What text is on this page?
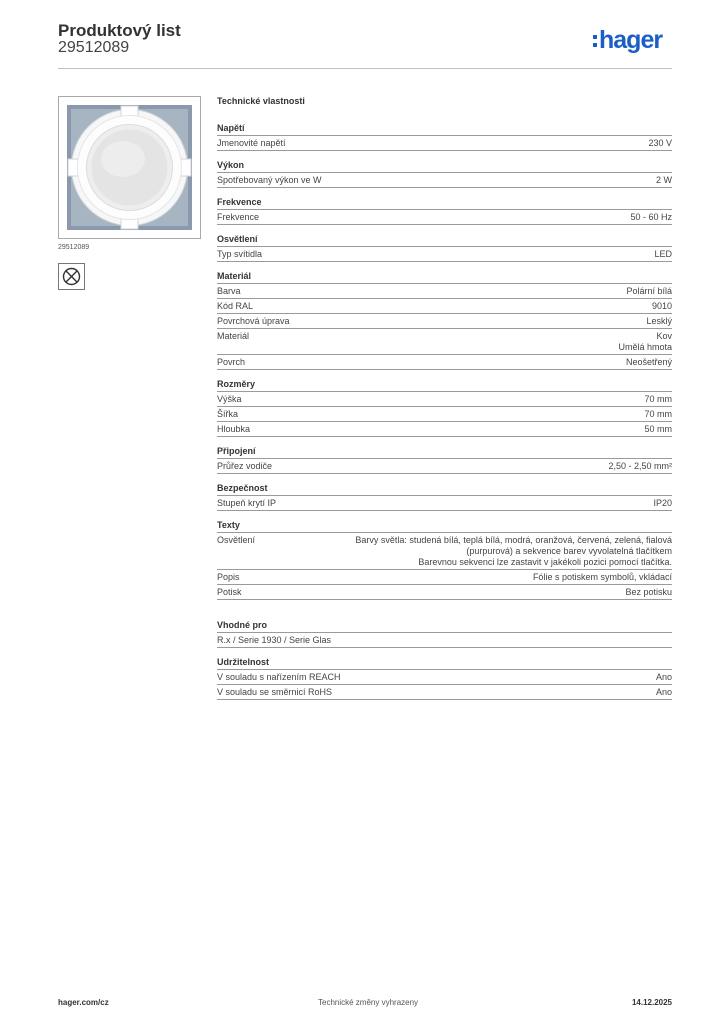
Produktový list
29512089	hager
29512089
Technické vlastnosti
Napětí
Jmenovité napětí	230 V
Výkon
Spotřebovaný výkon ve W	2 W
Frekvence
Frekvence	50 - 60 Hz
Osvětlení
Typ svítidla	LED
Materiál
Barva	Polární bílá
Kód RAL	9010
Povrchová úprava	Lesklý
Materiál	Kov
Umělá hmota
Povrch	Neošetřený
Rozměry
Výška	70 mm
Šířka	70 mm
Hloubka	50 mm
Připojení
Průřez vodiče	2,50 - 2,50 mm²
Bezpečnost
Stupeň krytí IP	IP20
Texty
Osvětlení	Barvy světla: studená bílá, teplá bílá, modrá, oranžová, červená, zelená, fialová (purpurová) a sekvence barev vyvolatelná tlačítkem
Barevnou sekvenci lze zastavit v jakékoli pozici pomocí tlačítka.
Popis	Fólie s potiskem symbolů, vkládací
Potisk	Bez potisku
Vhodné pro
R.x / Serie 1930 / Serie Glas
Udržitelnost
V souladu s nařízením REACH	Ano
V souladu se směrnicí RoHS	Ano
hager.com/cz	Technické změny vyhrazeny	14.12.2025
